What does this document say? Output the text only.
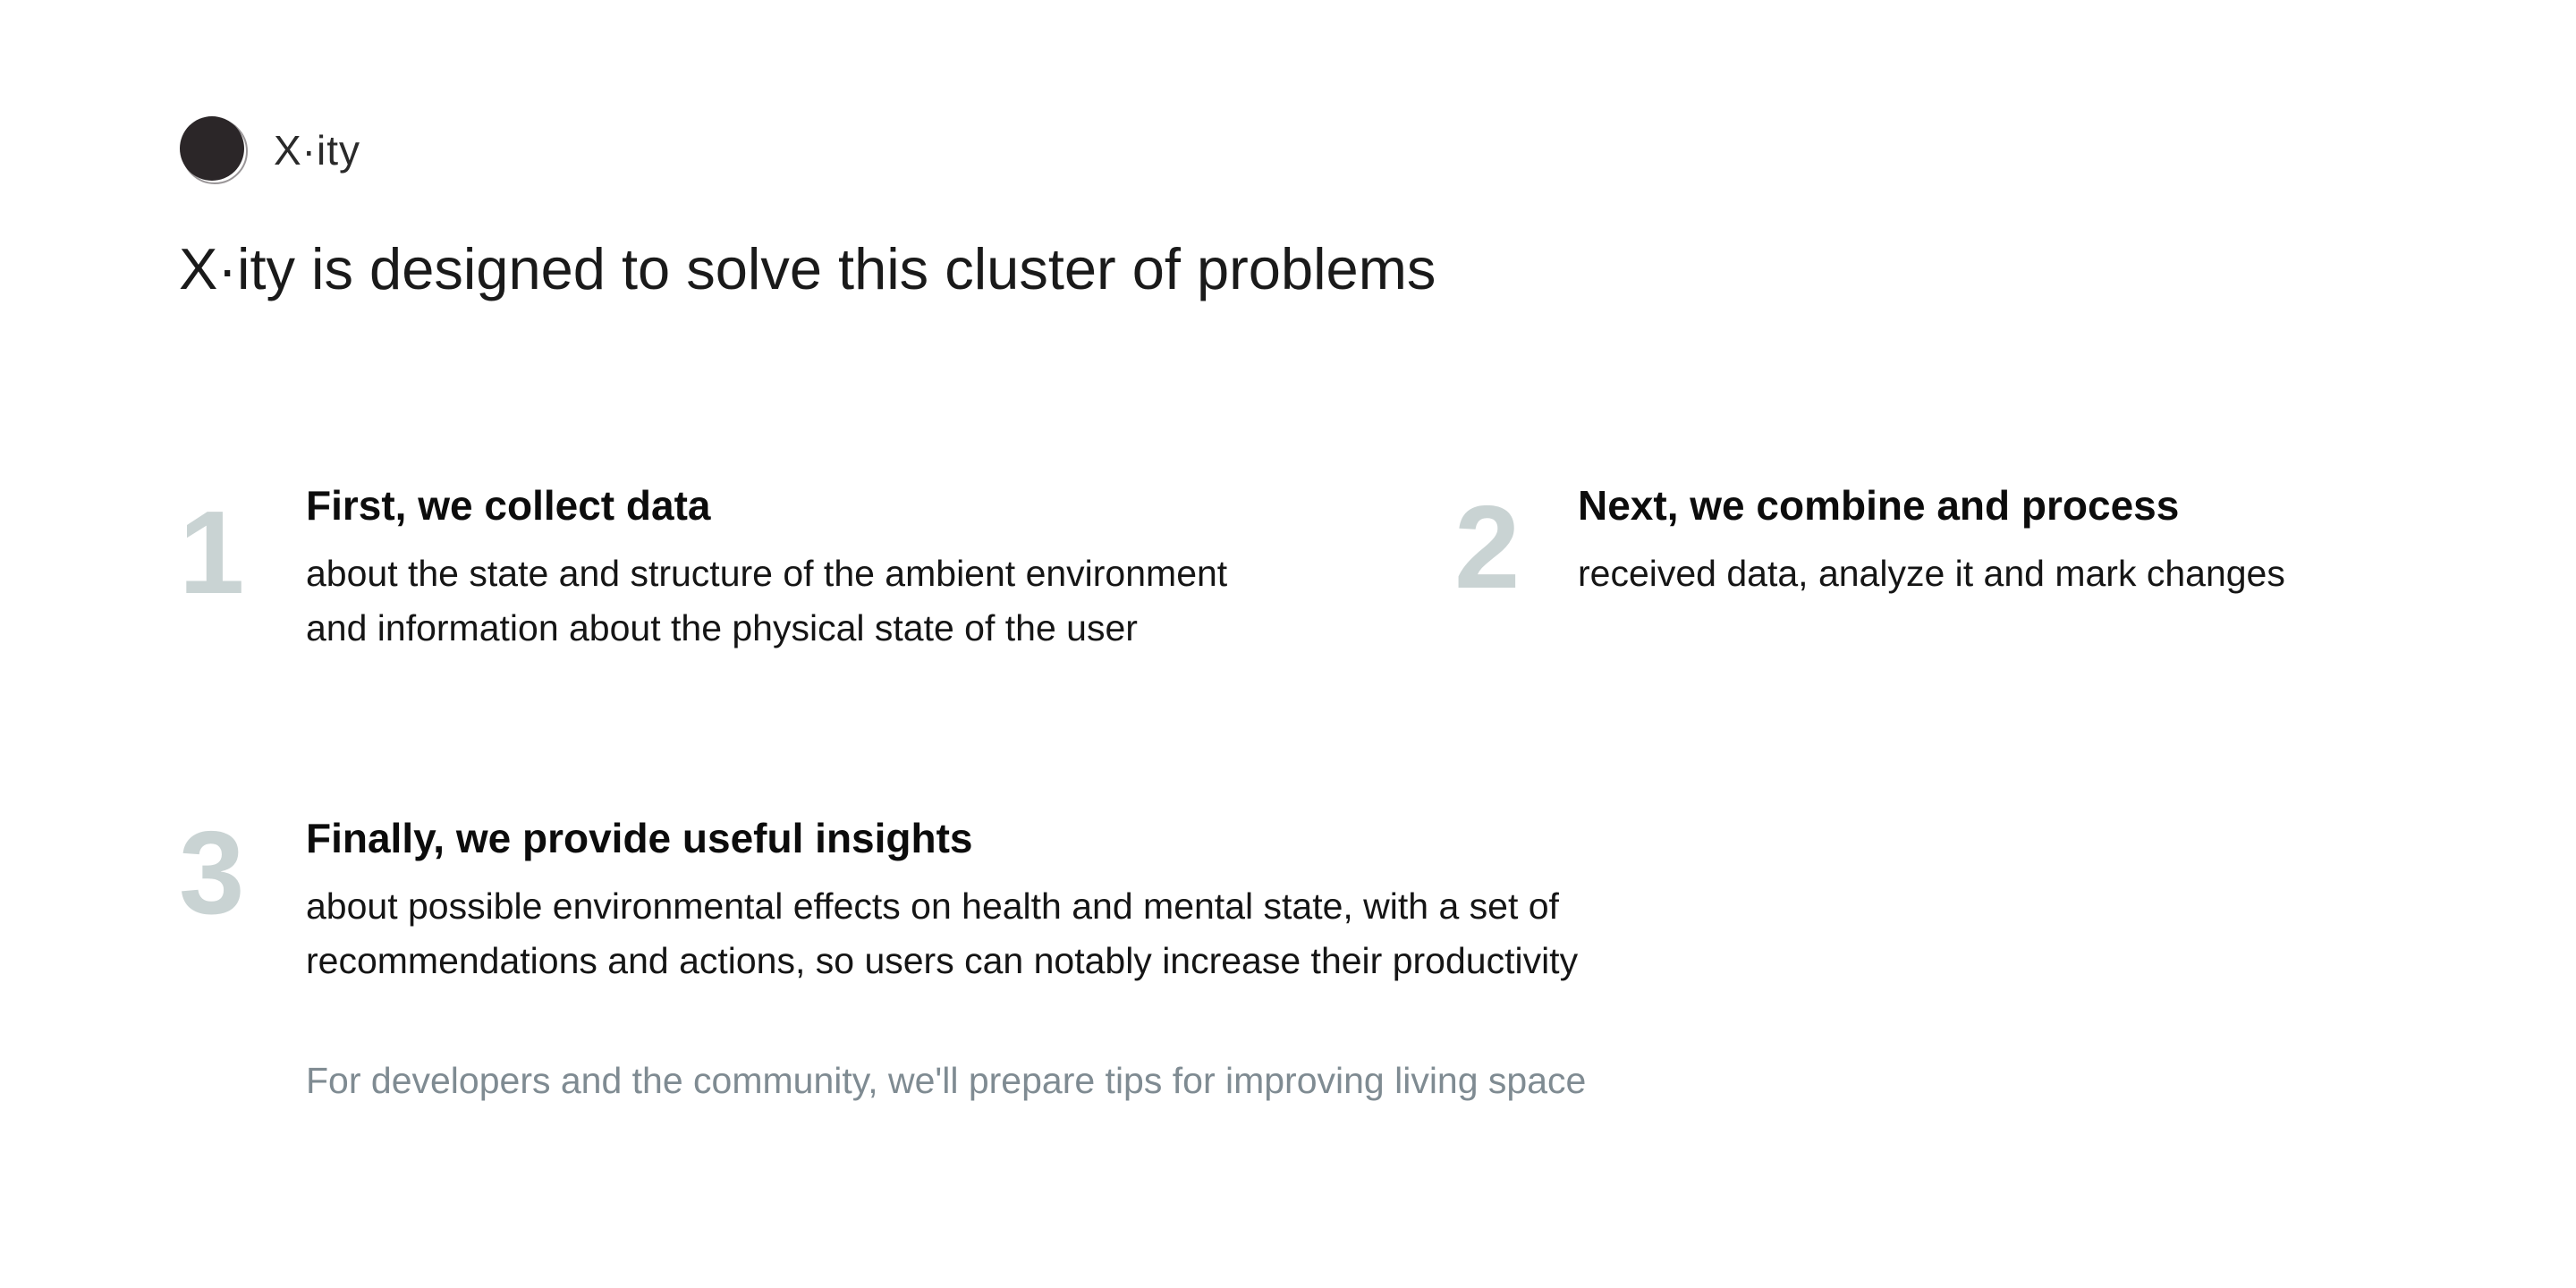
X·ity
X·ity is designed to solve this cluster of problems
1 First, we collect data

about the state and structure of the ambient environment
and information about the physical state of the user

2 Next, we combine and process

received data, analyze it and mark changes

3 Finally, we provide useful insights

about possible environmental effects on health and mental state, with a set of
recommendations and actions, so users can notably increase their productivity

For developers and the community, we'll prepare tips for improving living space
